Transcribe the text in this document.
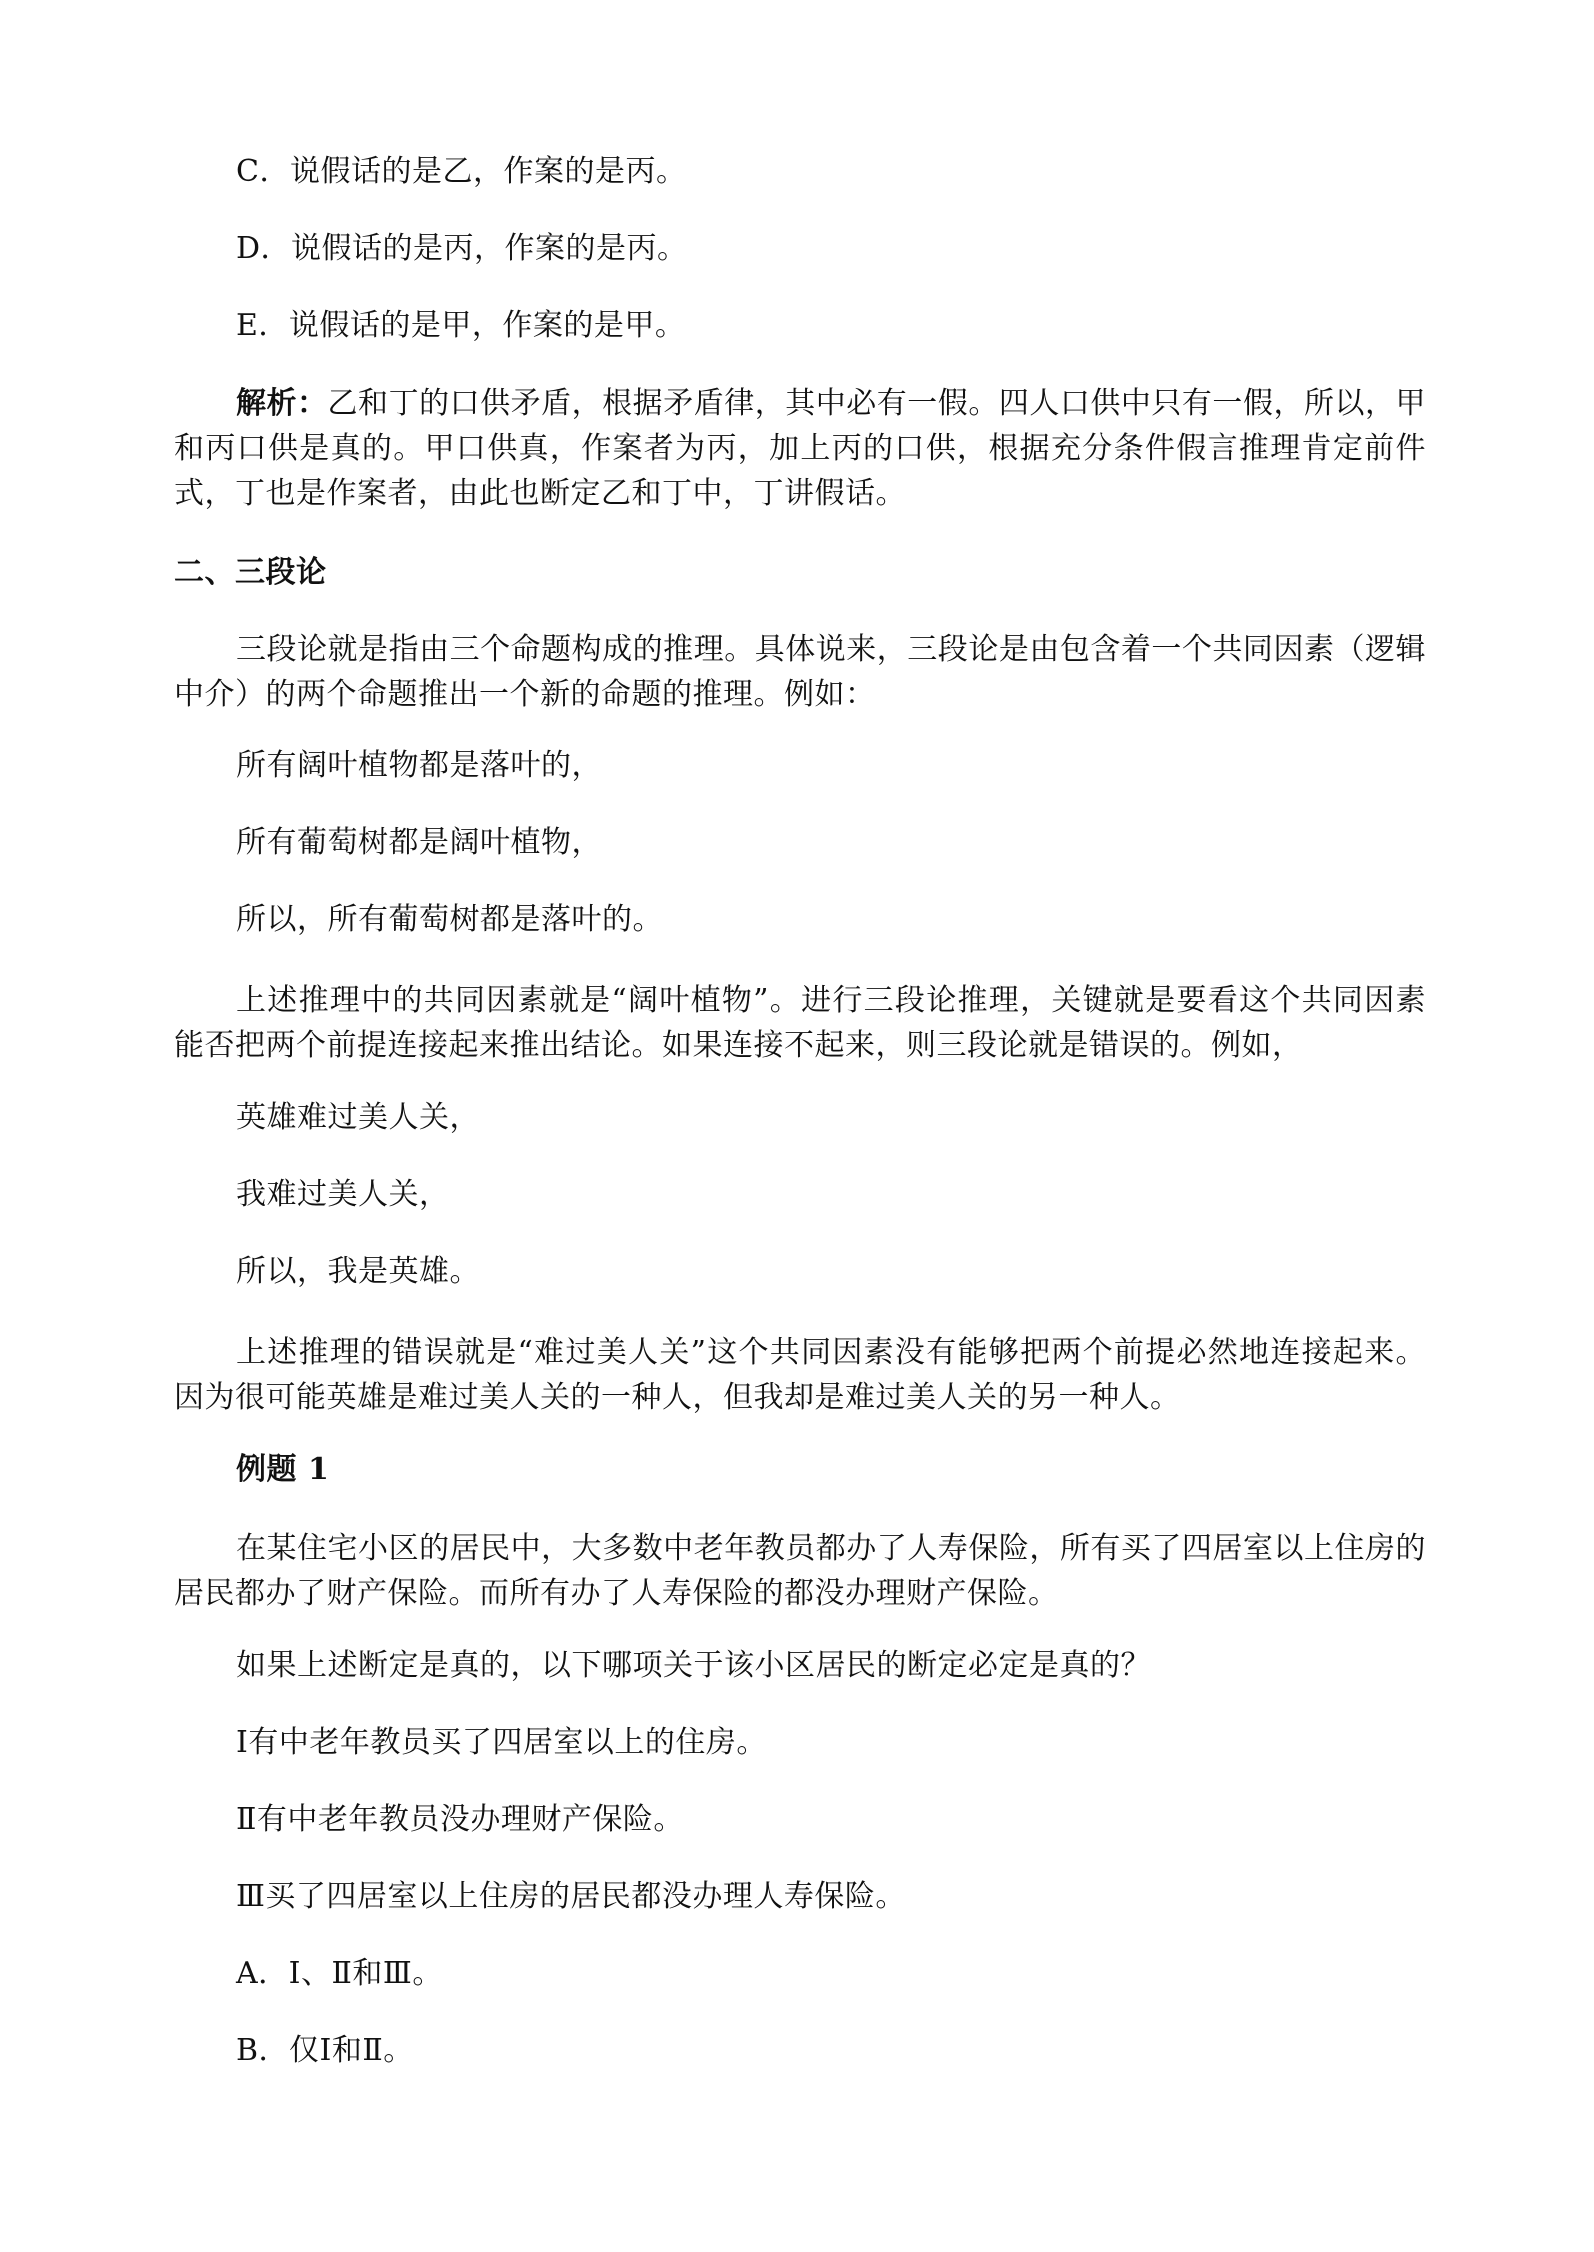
C．说假话的是乙，作案的是丙。
D．说假话的是丙，作案的是丙。
E．说假话的是甲，作案的是甲。
解析：乙和丁的口供矛盾，根据矛盾律，其中必有一假。四人口供中只有一假，所以，甲和丙口供是真的。甲口供真，作案者为丙，加上丙的口供，根据充分条件假言推理肯定前件式，丁也是作案者，由此也断定乙和丁中，丁讲假话。
二、三段论
三段论就是指由三个命题构成的推理。具体说来，三段论是由包含着一个共同因素（逻辑中介）的两个命题推出一个新的命题的推理。例如：
所有阔叶植物都是落叶的，
所有葡萄树都是阔叶植物，
所以，所有葡萄树都是落叶的。
上述推理中的共同因素就是“阔叶植物”。进行三段论推理，关键就是要看这个共同因素能否把两个前提连接起来推出结论。如果连接不起来，则三段论就是错误的。例如，
英雄难过美人关，
我难过美人关，
所以，我是英雄。
上述推理的错误就是“难过美人关”这个共同因素没有能够把两个前提必然地连接起来。因为很可能英雄是难过美人关的一种人，但我却是难过美人关的另一种人。
例题 1
在某住宅小区的居民中，大多数中老年教员都办了人寿保险，所有买了四居室以上住房的居民都办了财产保险。而所有办了人寿保险的都没办理财产保险。
如果上述断定是真的，以下哪项关于该小区居民的断定必定是真的？
Ⅰ有中老年教员买了四居室以上的住房。
Ⅱ有中老年教员没办理财产保险。
Ⅲ买了四居室以上住房的居民都没办理人寿保险。
A．Ⅰ、Ⅱ和Ⅲ。
B．仅Ⅰ和Ⅱ。
